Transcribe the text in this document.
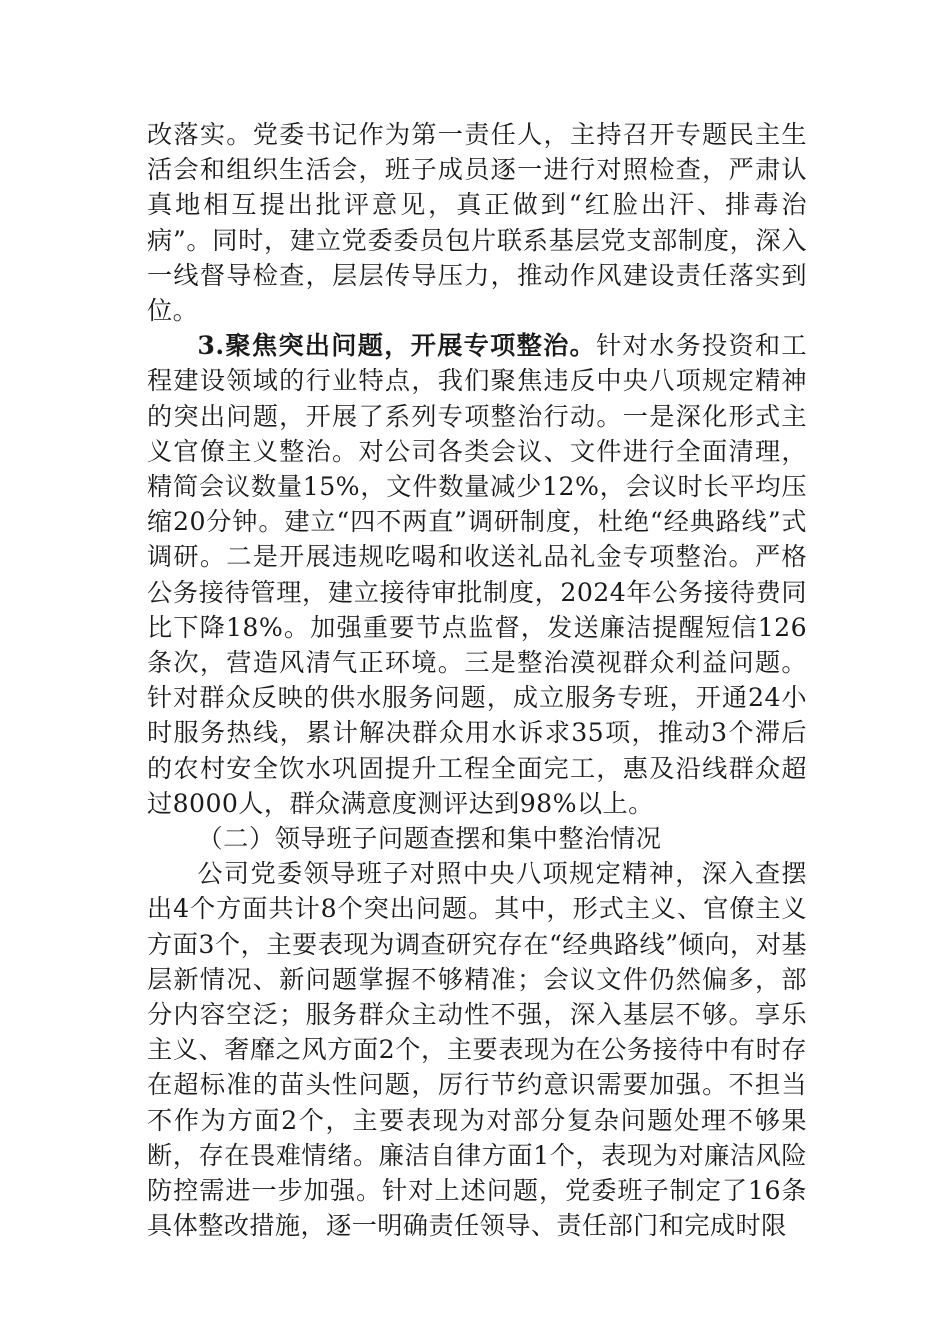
改落实。党委书记作为第一责任人，主持召开专题民主生活会和组织生活会，班子成员逐一进行对照检查，严肃认真地相互提出批评意见，真正做到“红脸出汗、排毒治病”。同时，建立党委委员包片联系基层党支部制度，深入一线督导检查，层层传导压力，推动作风建设责任落实到位。

3.聚焦突出问题，开展专项整治。针对水务投资和工程建设领域的行业特点，我们聚焦违反中央八项规定精神的突出问题，开展了系列专项整治行动。一是深化形式主义官僚主义整治。对公司各类会议、文件进行全面清理，精简会议数量15%，文件数量减少12%，会议时长平均压缩20分钟。建立“四不两直”调研制度，杜绝“经典路线”式调研。二是开展违规吃喝和收送礼品礼金专项整治。严格公务接待管理，建立接待审批制度，2024年公务接待费同比下降18%。加强重要节点监督，发送廉洁提醒短信126条次，营造风清气正环境。三是整治漠视群众利益问题。针对群众反映的供水服务问题，成立服务专班，开通24小时服务热线，累计解决群众用水诉求35项，推动3个滞后的农村安全饮水巩固提升工程全面完工，惠及沿线群众超过8000人，群众满意度测评达到98%以上。

（二）领导班子问题查摆和集中整治情况

公司党委领导班子对照中央八项规定精神，深入查摆出4个方面共计8个突出问题。其中，形式主义、官僚主义方面3个，主要表现为调查研究存在“经典路线”倾向，对基层新情况、新问题掌握不够精准；会议文件仍然偏多，部分内容空泛；服务群众主动性不强，深入基层不够。享乐主义、奢靡之风方面2个，主要表现为在公务接待中有时存在超标准的苗头性问题，厉行节约意识需要加强。不担当不作为方面2个，主要表现为对部分复杂问题处理不够果断，存在畏难情绪。廉洁自律方面1个，表现为对廉洁风险防控需进一步加强。针对上述问题，党委班子制定了16条具体整改措施，逐一明确责任领导、责任部门和完成时限
